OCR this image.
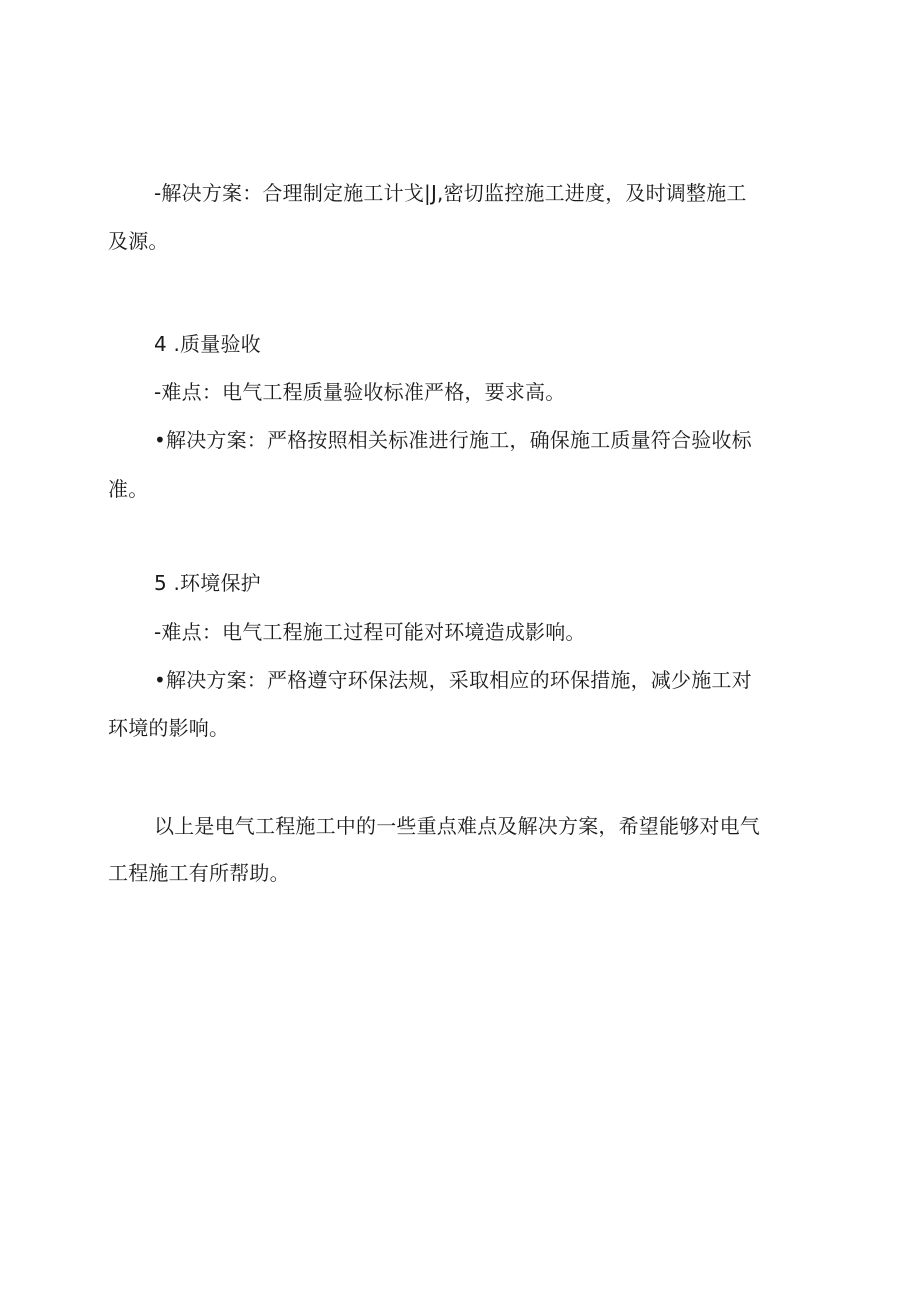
-解决方案：合理制定施工计戈|J,密切监控施工进度，及时调整施工
及源。
4 .质量验收
-难点：电气工程质量验收标准严格，要求高。
•解决方案：严格按照相关标准进行施工，确保施工质量符合验收标
准。
5 .环境保护
-难点：电气工程施工过程可能对环境造成影响。
•解决方案：严格遵守环保法规，采取相应的环保措施，减少施工对
环境的影响。
以上是电气工程施工中的一些重点难点及解决方案，希望能够对电气
工程施工有所帮助。
